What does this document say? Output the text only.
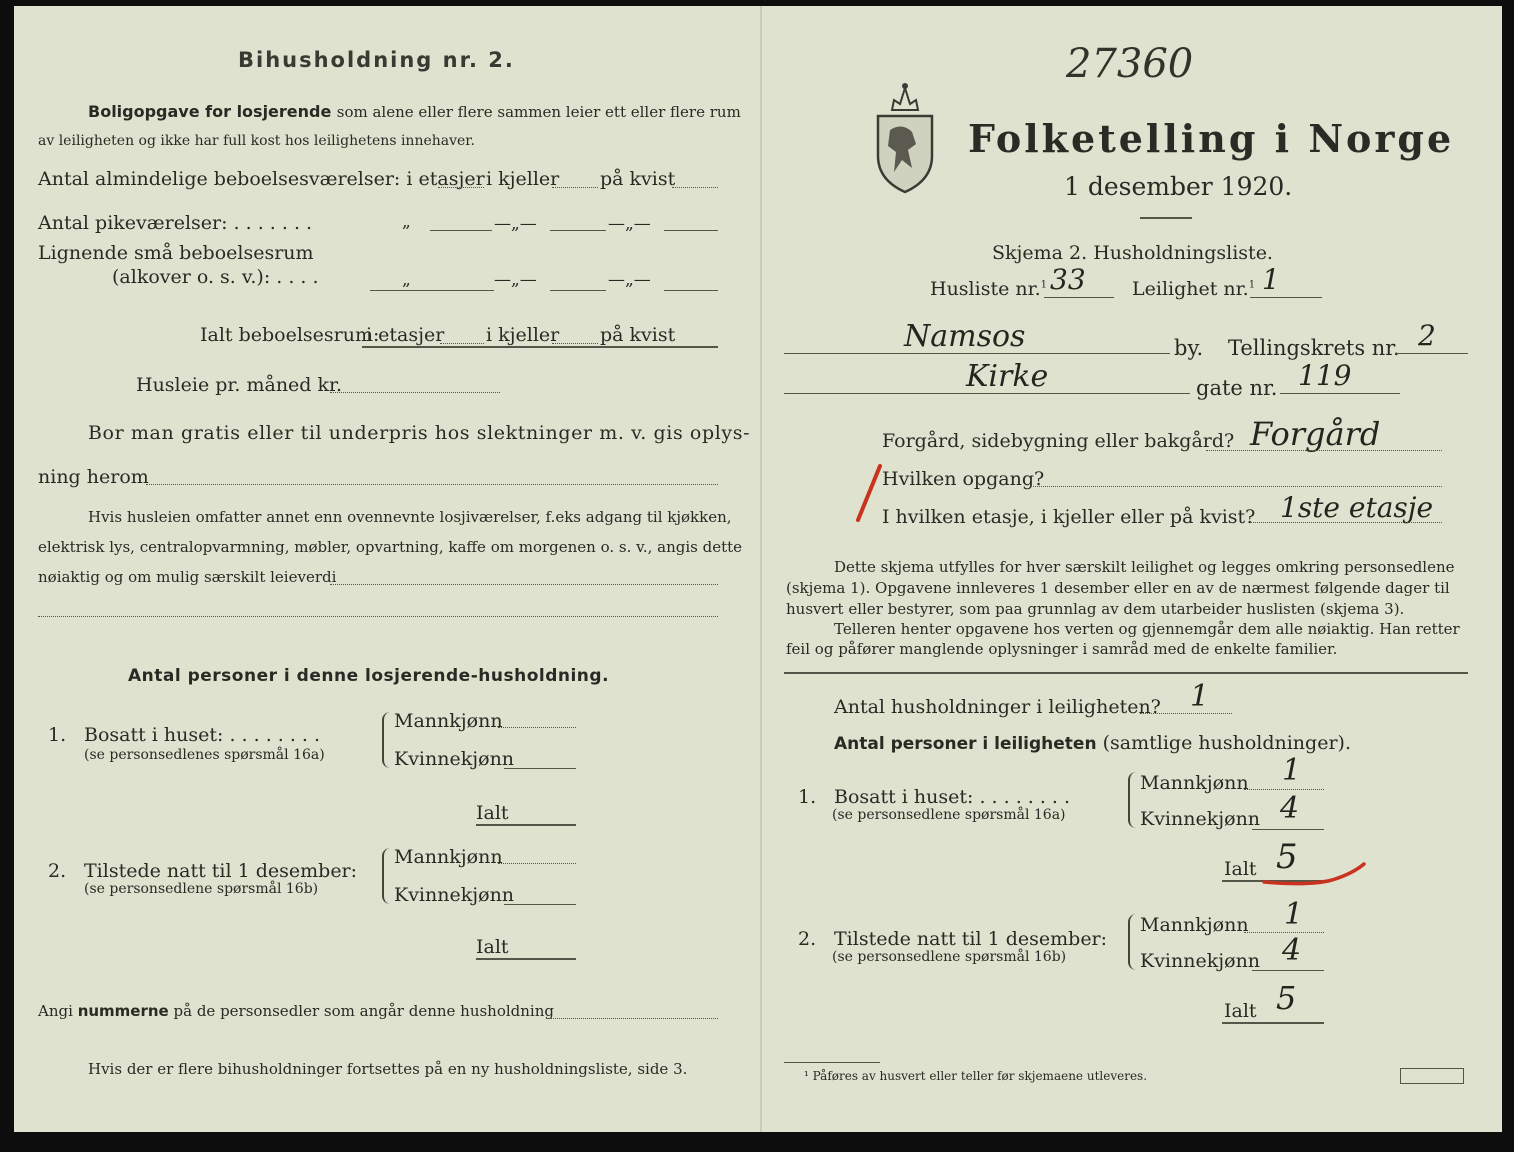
Bihusholdning nr. 2.
Boligopgave for losjerende som alene eller flere sammen leier ett eller flere rum
av leiligheten og ikke har full kost hos leilighetens innehaver.
Antal almindelige beboelsesværelser: i etasjer i kjeller på kvist
Antal pikeværelser: . . . . . . .	„	—„—	—„—
Lignende små beboelsesrum
(alkover o. s. v.): . . . .	„	—„—	—„—
Ialt beboelsesrum:
i etasjer i kjeller på kvist
Husleie pr. måned kr.
Bor man gratis eller til underpris hos slektninger m. v. gis oplys-
ning herom
Hvis husleien omfatter annet enn ovennevnte losjiværelser, f.eks adgang til kjøkken,
elektrisk lys, centralopvarmning, møbler, opvartning, kaffe om morgenen o. s. v., angis dette
nøiaktig og om mulig særskilt leieverdi
Antal personer i denne losjerende-husholdning.
1. Bosatt i huset: . . . . . . . .
(se personsedlenes spørsmål 16a)
Mannkjønn
Kvinnekjønn
Ialt
2. Tilstede natt til 1 desember:
(se personsedlene spørsmål 16b)
Mannkjønn
Kvinnekjønn
Ialt
Angi nummerne på de personsedler som angår denne husholdning
Hvis der er flere bihusholdninger fortsettes på en ny husholdningsliste, side 3.
27360
Folketelling i Norge
1 desember 1920.
Skjema 2. Husholdningsliste.
Husliste nr.$^1$ 33 Leilighet nr.$^1$ 1
Namsos	by. Tellingskrets nr. 2
Kirke	gate nr. 119
Forgård, sidebygning eller bakgård? Forgård
Hvilken opgang?
I hvilken etasje, i kjeller eller på kvist? 1ste etasje
Dette skjema utfylles for hver særskilt leilighet og legges omkring personsedlene
(skjema 1). Opgavene innleveres 1 desember eller en av de nærmest følgende dager til
husvert eller bestyrer, som paa grunnlag av dem utarbeider huslisten (skjema 3).
Telleren henter opgavene hos verten og gjennemgår dem alle nøiaktig. Han retter
feil og påfører manglende oplysninger i samråd med de enkelte familier.
Antal husholdninger i leiligheten? 1
Antal personer i leiligheten (samtlige husholdninger).
1. Bosatt i huset: . . . . . . . .
(se personsedlene spørsmål 16a)
Mannkjønn 1
Kvinnekjønn 4
Ialt 5
2. Tilstede natt til 1 desember:
(se personsedlene spørsmål 16b)
Mannkjønn 1
Kvinnekjønn 4
Ialt 5
¹ Påføres av husvert eller teller før skjemaene utleveres.
